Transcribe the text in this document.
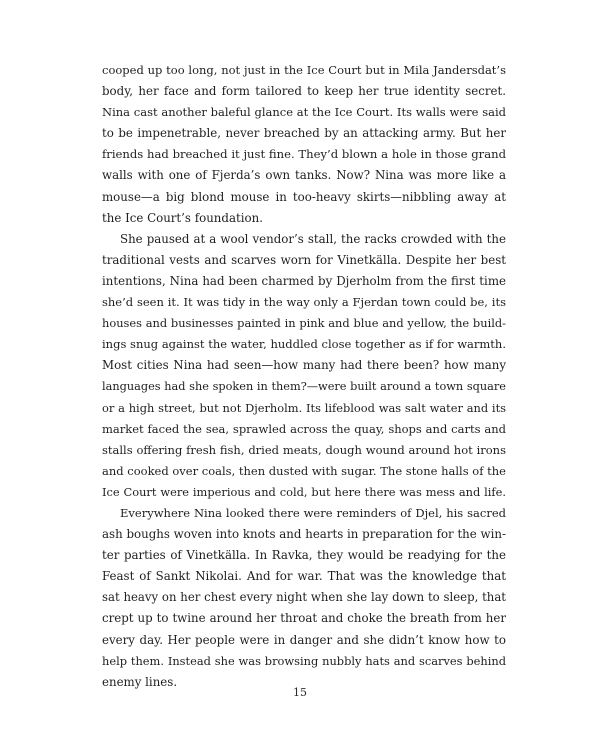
cooped up too long, not just in the Ice Court but in Mila Jandersdat’s
body, her face and form tailored to keep her true identity secret.
Nina cast another baleful glance at the Ice Court. Its walls were said
to be impenetrable, never breached by an attacking army. But her
friends had breached it just fine. They’d blown a hole in those grand
walls with one of Fjerda’s own tanks. Now? Nina was more like a
mouse—a big blond mouse in too-heavy skirts—nibbling away at
the Ice Court’s foundation.
She paused at a wool vendor’s stall, the racks crowded with the
traditional vests and scarves worn for Vinetkälla. Despite her best
intentions, Nina had been charmed by Djerholm from the first time
she’d seen it. It was tidy in the way only a Fjerdan town could be, its
houses and businesses painted in pink and blue and yellow, the build-
ings snug against the water, huddled close together as if for warmth.
Most cities Nina had seen—how many had there been? how many
languages had she spoken in them?—were built around a town square
or a high street, but not Djerholm. Its lifeblood was salt water and its
market faced the sea, sprawled across the quay, shops and carts and
stalls offering fresh fish, dried meats, dough wound around hot irons
and cooked over coals, then dusted with sugar. The stone halls of the
Ice Court were imperious and cold, but here there was mess and life.
Everywhere Nina looked there were reminders of Djel, his sacred
ash boughs woven into knots and hearts in preparation for the win-
ter parties of Vinetkälla. In Ravka, they would be readying for the
Feast of Sankt Nikolai. And for war. That was the knowledge that
sat heavy on her chest every night when she lay down to sleep, that
crept up to twine around her throat and choke the breath from her
every day. Her people were in danger and she didn’t know how to
help them. Instead she was browsing nubbly hats and scarves behind
enemy lines.
15
